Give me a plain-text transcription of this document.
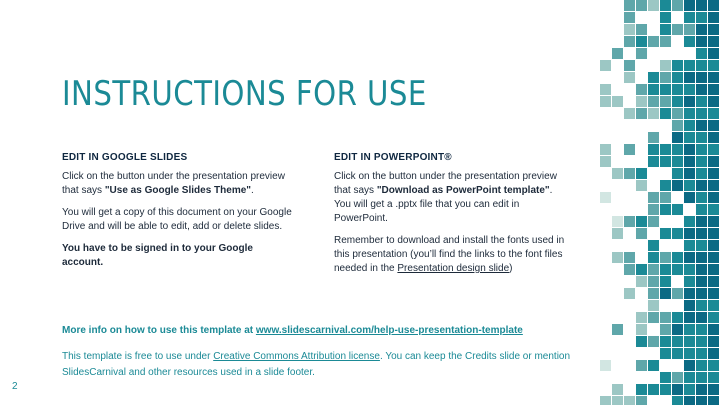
INSTRUCTIONS FOR USE
EDIT IN GOOGLE SLIDES

Click on the button under the presentation preview that says "Use as Google Slides Theme".

You will get a copy of this document on your Google Drive and will be able to edit, add or delete slides.

You have to be signed in to your Google account.

EDIT IN POWERPOINT®

Click on the button under the presentation preview that says "Download as PowerPoint template". You will get a .pptx file that you can edit in PowerPoint.

Remember to download and install the fonts used in this presentation (you’ll find the links to the font files needed in the Presentation design slide)

More info on how to use this template at www.slidescarnival.com/help-use-presentation-template

This template is free to use under Creative Commons Attribution license. You can keep the Credits slide or mention SlidesCarnival and other resources used in a slide footer.

2
